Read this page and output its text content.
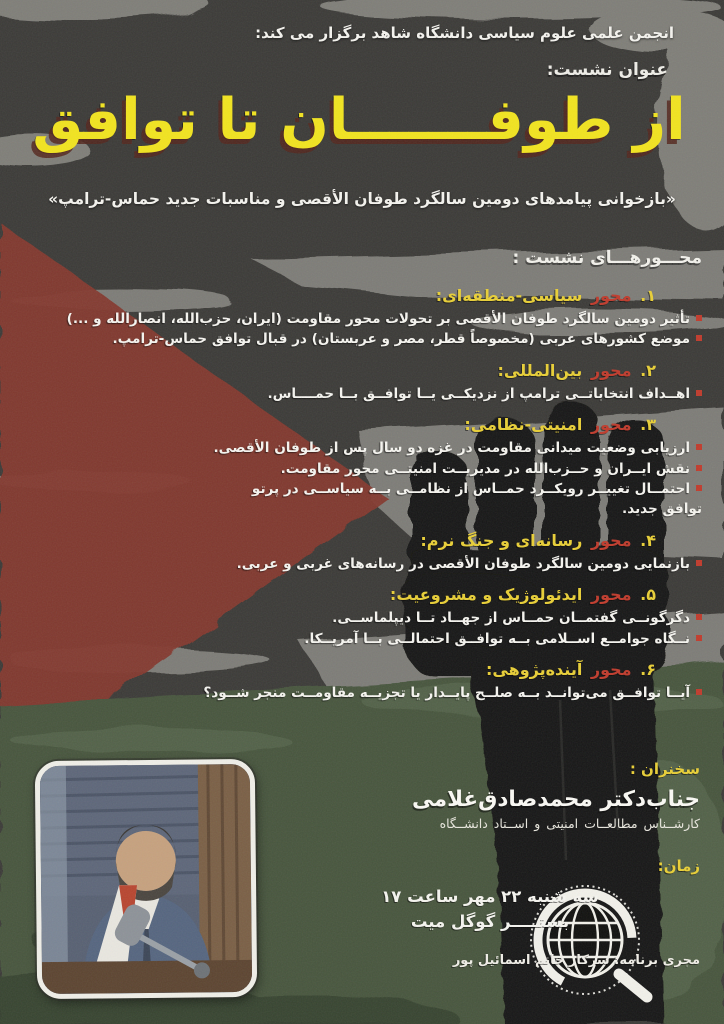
انجمن علمی علوم سیاسی دانشگاه شاهد برگزار می کند:
عنوان نشست:
از طوفـــــــان تا توافق
«بازخوانی پیامدهای دومین سالگرد طوفان الأقصی و مناسبات جدید حماس-ترامپ»
محـــورهـــای نشست :
۱. محور سیاسی-منطقه‌ای:
تأثیر دومین سالگرد طوفان الأقصی بر تحولات محور مقاومت (ایران، حزب‌الله، انصارالله و ...)
موضع کشورهای عربی (مخصوصاً قطر، مصر و عربستان) در قبال توافق حماس-ترامپ.
۲. محور بین‌المللی:
اهــداف انتخاباتــی ترامپ از نزدیکــی یــا توافــق بــا حمــــاس.
۳. محور امنیتی-نظامی:
ارزیابی وضعیت میدانی مقاومت در غزه دو سال پس از طوفان الأقصی.
نقش ایــران و حــزب‌الله در مدیریــت امنیتــی محور مقاومت.
احتمــال تغییــر رویکــرد حمــاس از نظامــی بــه سیاســی در پرتو توافق جدید.
۴. محور رسانه‌ای و جنگ نرم:
بازنمایی دومین سالگرد طوفان الأقصی در رسانه‌های غربی و عربی.
۵. محور ایدئولوژیک و مشروعیت:
دگرگونــی گفتمــان حمــاس از جهــاد تــا دیپلماســی.
نــگاه جوامــع اســلامی بــه توافــق احتمالــی بــا آمریــکا.
۶. محور آینده‌پژوهی:
آیــا توافــق می‌توانــد بــه صلــح پایــدار یا تجزیــه مقاومــت منجر شــود؟
سخنران :
جناب‌دکتر محمدصادق‌غلامی
کارشــناس مطالعــات امنیتی و اســتاد دانشــگاه
زمان:
سه شنبه ۲۲ مهر ساعت ۱۷
بستـــــر گوگل میت
مجری برنامه: سرکار خانم اسمائیل پور
